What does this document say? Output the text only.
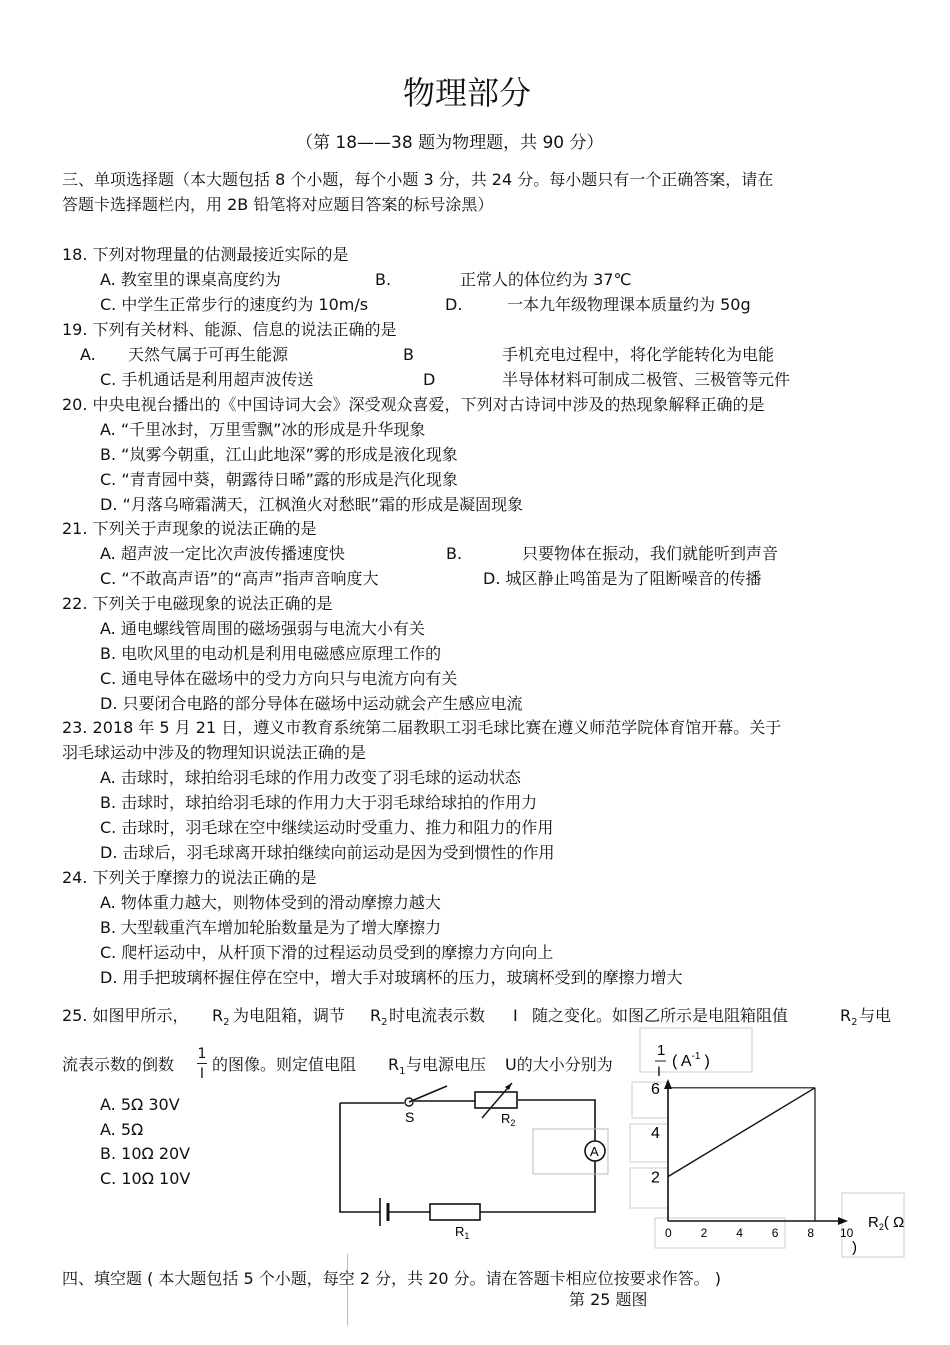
物理部分
（第 18——38 题为物理题，共 90 分）
三、单项选择题（本大题包括 8 个小题，每个小题 3 分，共 24 分。每小题只有一个正确答案，请在
答题卡选择题栏内，用 2B 铅笔将对应题目答案的标号涂黑）
18. 下列对物理量的估测最接近实际的是
A. 教室里的课桌高度约为	B.	正常人的体位约为 37℃
C. 中学生正常步行的速度约为 10m/s	D.	一本九年级物理课本质量约为 50g
19. 下列有关材料、能源、信息的说法正确的是
A. 天然气属于可再生能源	B	手机充电过程中，将化学能转化为电能
C. 手机通话是利用超声波传送	D	半导体材料可制成二极管、三极管等元件
20. 中央电视台播出的《中国诗词大会》深受观众喜爱，下列对古诗词中涉及的热现象解释正确的是
A. “千里冰封，万里雪飘”冰的形成是升华现象
B. “岚雾今朝重，江山此地深”雾的形成是液化现象
C. “青青园中葵，朝露待日晞”露的形成是汽化现象
D. “月落乌啼霜满天，江枫渔火对愁眠”霜的形成是凝固现象
21. 下列关于声现象的说法正确的是
A. 超声波一定比次声波传播速度快	B.	只要物体在振动，我们就能听到声音
C. “不敢高声语”的“高声”指声音响度大	D. 城区静止鸣笛是为了阻断噪音的传播
22. 下列关于电磁现象的说法正确的是
A. 通电螺线管周围的磁场强弱与电流大小有关
B. 电吹风里的电动机是利用电磁感应原理工作的
C. 通电导体在磁场中的受力方向只与电流方向有关
D. 只要闭合电路的部分导体在磁场中运动就会产生感应电流
23. 2018 年 5 月 21 日，遵义市教育系统第二届教职工羽毛球比赛在遵义师范学院体育馆开幕。关于
羽毛球运动中涉及的物理知识说法正确的是
A. 击球时，球拍给羽毛球的作用力改变了羽毛球的运动状态
B. 击球时，球拍给羽毛球的作用力大于羽毛球给球拍的作用力
C. 击球时，羽毛球在空中继续运动时受重力、推力和阻力的作用
D. 击球后，羽毛球离开球拍继续向前运动是因为受到惯性的作用
24. 下列关于摩擦力的说法正确的是
A. 物体重力越大，则物体受到的滑动摩擦力越大
B. 大型载重汽车增加轮胎数量是为了增大摩擦力
C. 爬杆运动中，从杆顶下滑的过程运动员受到的摩擦力方向向上
D. 用手把玻璃杯握住停在空中，增大手对玻璃杯的压力，玻璃杯受到的摩擦力增大
25. 如图甲所示， $R_2$ 为电阻箱，调节 $R_2$ 时电流表示数 I 随之变化。如图乙所示是电阻箱阻值	$R_2$ 与电
流表示数的倒数
1
I 的图像。则定值电阻 $R_1$ 与电源电压 U的大小分别为
A. 5Ω 30V
A. 5Ω
B. 10Ω 20V
C. 10Ω 10V
S	$R_2$
A
$R_1$
6
4
2
0 2 4 6 8 10
1
I
( $A^{-1}$ )
$R_2$( Ω
)
第 25 题图
四、填空题 ( 本大题包括 5 个小题，每空 2 分，共 20 分。请在答题卡相应位按要求作答。 )
